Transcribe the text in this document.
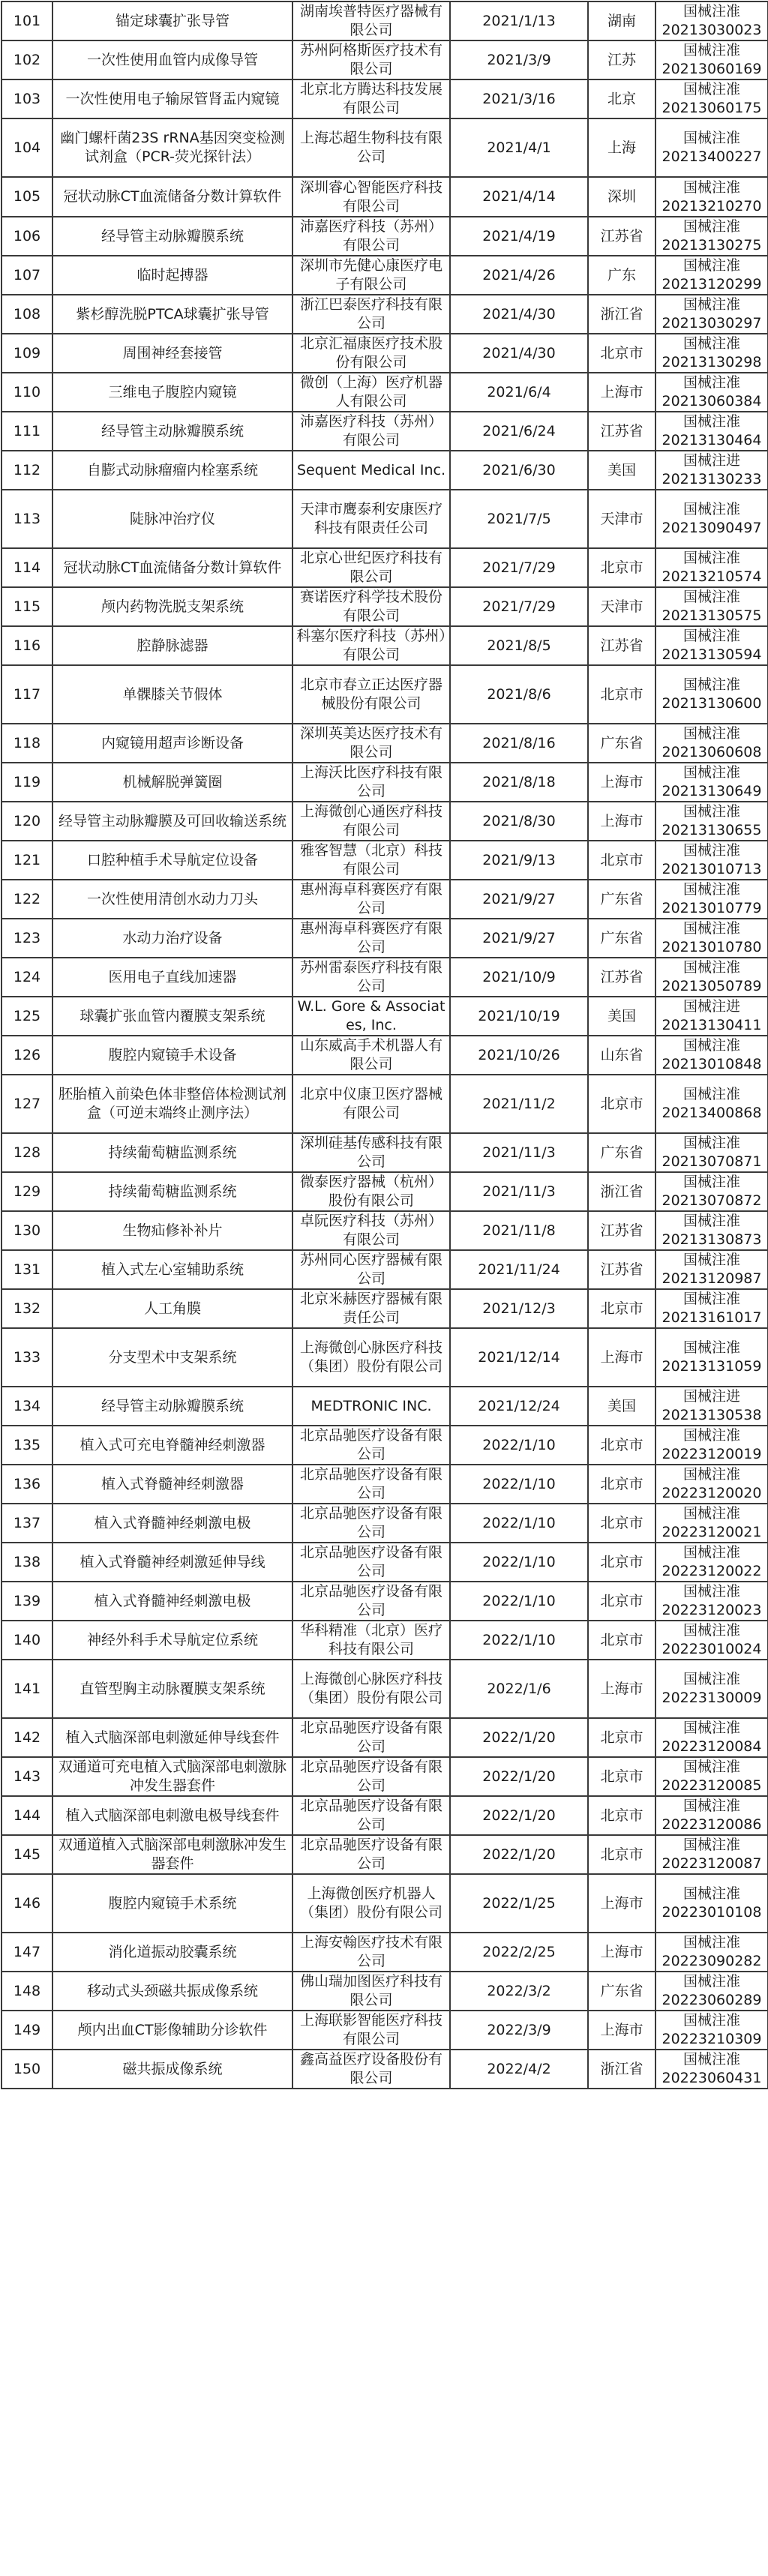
101	锚定球囊扩张导管	湖南埃普特医疗器械有限公司	2021/1/13	湖南	国械注准
20213030023

102	一次性使用血管内成像导管	苏州阿格斯医疗技术有限公司	2021/3/9	江苏	国械注准
20213060169

103	一次性使用电子输尿管肾盂内窥镜	北京北方腾达科技发展有限公司	2021/3/16	北京	国械注准
20213060175

104	幽门螺杆菌23S rRNA基因突变检测试剂盒（PCR-荧光探针法）	上海芯超生物科技有限公司	2021/4/1	上海	国械注准
20213400227

105	冠状动脉CT血流储备分数计算软件	深圳睿心智能医疗科技有限公司	2021/4/14	深圳	国械注准
20213210270

106	经导管主动脉瓣膜系统	沛嘉医疗科技（苏州）有限公司	2021/4/19	江苏省	国械注准
20213130275

107	临时起搏器	深圳市先健心康医疗电子有限公司	2021/4/26	广东	国械注准
20213120299

108	紫杉醇洗脱PTCA球囊扩张导管	浙江巴泰医疗科技有限公司	2021/4/30	浙江省	国械注准
20213030297

109	周围神经套接管	北京汇福康医疗技术股份有限公司	2021/4/30	北京市	国械注准
20213130298

110	三维电子腹腔内窥镜	微创（上海）医疗机器人有限公司	2021/6/4	上海市	国械注准
20213060384

111	经导管主动脉瓣膜系统	沛嘉医疗科技（苏州）有限公司	2021/6/24	江苏省	国械注准
20213130464

112	自膨式动脉瘤瘤内栓塞系统	Sequent Medical Inc.	2021/6/30	美国	国械注进
20213130233

113	陡脉冲治疗仪	天津市鹰泰利安康医疗科技有限责任公司	2021/7/5	天津市	国械注准
20213090497

114	冠状动脉CT血流储备分数计算软件	北京心世纪医疗科技有限公司	2021/7/29	北京市	国械注准
20213210574

115	颅内药物洗脱支架系统	赛诺医疗科学技术股份有限公司	2021/7/29	天津市	国械注准
20213130575

116	腔静脉滤器	科塞尔医疗科技（苏州）有限公司	2021/8/5	江苏省	国械注准
20213130594

117	单髁膝关节假体	北京市春立正达医疗器械股份有限公司	2021/8/6	北京市	国械注准
20213130600

118	内窥镜用超声诊断设备	深圳英美达医疗技术有限公司	2021/8/16	广东省	国械注准
20213060608

119	机械解脱弹簧圈	上海沃比医疗科技有限公司	2021/8/18	上海市	国械注准
20213130649

120	经导管主动脉瓣膜及可回收输送系统	上海微创心通医疗科技有限公司	2021/8/30	上海市	国械注准
20213130655

121	口腔种植手术导航定位设备	雅客智慧（北京）科技有限公司	2021/9/13	北京市	国械注准
20213010713

122	一次性使用清创水动力刀头	惠州海卓科赛医疗有限公司	2021/9/27	广东省	国械注准
20213010779

123	水动力治疗设备	惠州海卓科赛医疗有限公司	2021/9/27	广东省	国械注准
20213010780

124	医用电子直线加速器	苏州雷泰医疗科技有限公司	2021/10/9	江苏省	国械注准
20213050789

125	球囊扩张血管内覆膜支架系统	W.L. Gore & Associates, Inc.	2021/10/19	美国	国械注进
20213130411

126	腹腔内窥镜手术设备	山东威高手术机器人有限公司	2021/10/26	山东省	国械注准
20213010848

127	胚胎植入前染色体非整倍体检测试剂盒（可逆末端终止测序法）	北京中仪康卫医疗器械有限公司	2021/11/2	北京市	国械注准
20213400868

128	持续葡萄糖监测系统	深圳硅基传感科技有限公司	2021/11/3	广东省	国械注准
20213070871

129	持续葡萄糖监测系统	微泰医疗器械（杭州）股份有限公司	2021/11/3	浙江省	国械注准
20213070872

130	生物疝修补补片	卓阮医疗科技（苏州）有限公司	2021/11/8	江苏省	国械注准
20213130873

131	植入式左心室辅助系统	苏州同心医疗器械有限公司	2021/11/24	江苏省	国械注准
20213120987

132	人工角膜	北京米赫医疗器械有限责任公司	2021/12/3	北京市	国械注准
20213161017

133	分支型术中支架系统	上海微创心脉医疗科技（集团）股份有限公司	2021/12/14	上海市	国械注准
20213131059

134	经导管主动脉瓣膜系统	MEDTRONIC INC.	2021/12/24	美国	国械注进
20213130538

135	植入式可充电脊髓神经刺激器	北京品驰医疗设备有限公司	2022/1/10	北京市	国械注准
20223120019

136	植入式脊髓神经刺激器	北京品驰医疗设备有限公司	2022/1/10	北京市	国械注准
20223120020

137	植入式脊髓神经刺激电极	北京品驰医疗设备有限公司	2022/1/10	北京市	国械注准
20223120021

138	植入式脊髓神经刺激延伸导线	北京品驰医疗设备有限公司	2022/1/10	北京市	国械注准
20223120022

139	植入式脊髓神经刺激电极	北京品驰医疗设备有限公司	2022/1/10	北京市	国械注准
20223120023

140	神经外科手术导航定位系统	华科精准（北京）医疗科技有限公司	2022/1/10	北京市	国械注准
20223010024

141	直管型胸主动脉覆膜支架系统	上海微创心脉医疗科技（集团）股份有限公司	2022/1/6	上海市	国械注准
20223130009

142	植入式脑深部电刺激延伸导线套件	北京品驰医疗设备有限公司	2022/1/20	北京市	国械注准
20223120084

143	双通道可充电植入式脑深部电刺激脉冲发生器套件	北京品驰医疗设备有限公司	2022/1/20	北京市	国械注准
20223120085

144	植入式脑深部电刺激电极导线套件	北京品驰医疗设备有限公司	2022/1/20	北京市	国械注准
20223120086

145	双通道植入式脑深部电刺激脉冲发生器套件	北京品驰医疗设备有限公司	2022/1/20	北京市	国械注准
20223120087

146	腹腔内窥镜手术系统	上海微创医疗机器人（集团）股份有限公司	2022/1/25	上海市	国械注准
20223010108

147	消化道振动胶囊系统	上海安翰医疗技术有限公司	2022/2/25	上海市	国械注准
20223090282

148	移动式头颈磁共振成像系统	佛山瑞加图医疗科技有限公司	2022/3/2	广东省	国械注准
20223060289

149	颅内出血CT影像辅助分诊软件	上海联影智能医疗科技有限公司	2022/3/9	上海市	国械注准
20223210309

150	磁共振成像系统	鑫高益医疗设备股份有限公司	2022/4/2	浙江省	国械注准
20223060431
